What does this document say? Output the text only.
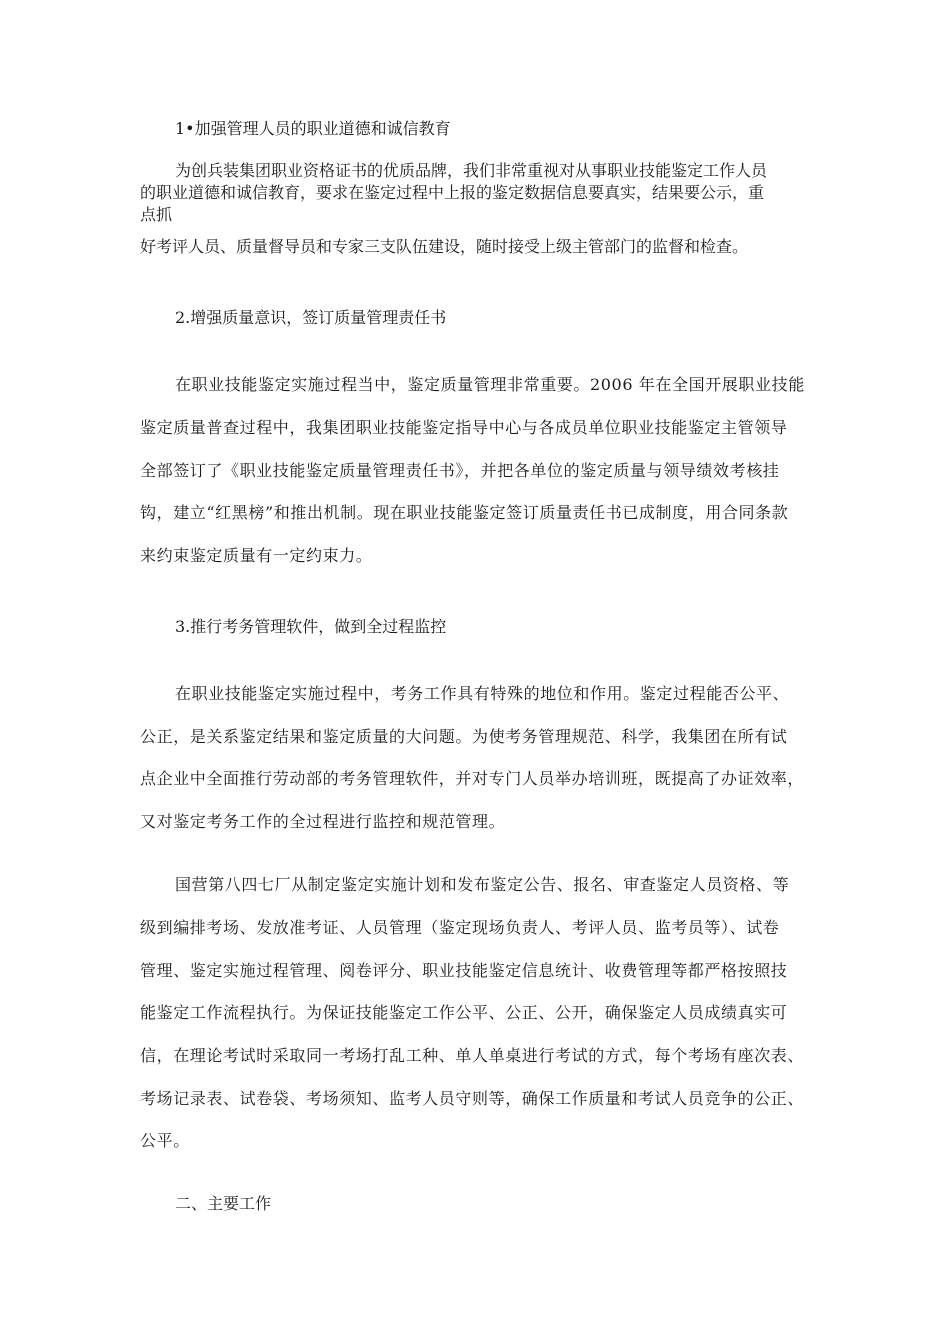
1•加强管理人员的职业道德和诚信教育

为创兵装集团职业资格证书的优质品牌，我们非常重视对从事职业技能鉴定工作人员

的职业道德和诚信教育，要求在鉴定过程中上报的鉴定数据信息要真实，结果要公示，重

点抓

好考评人员、质量督导员和专家三支队伍建设，随时接受上级主管部门的监督和检查。

2.增强质量意识，签订质量管理责任书

在职业技能鉴定实施过程当中，鉴定质量管理非常重要。2006 年在全国开展职业技能

鉴定质量普查过程中，我集团职业技能鉴定指导中心与各成员单位职业技能鉴定主管领导

全部签订了《职业技能鉴定质量管理责任书》，并把各单位的鉴定质量与领导绩效考核挂

钩，建立“红黑榜”和推出机制。现在职业技能鉴定签订质量责任书已成制度，用合同条款

来约束鉴定质量有一定约束力。

3.推行考务管理软件，做到全过程监控

在职业技能鉴定实施过程中，考务工作具有特殊的地位和作用。鉴定过程能否公平、

公正，是关系鉴定结果和鉴定质量的大问题。为使考务管理规范、科学，我集团在所有试

点企业中全面推行劳动部的考务管理软件，并对专门人员举办培训班，既提高了办证效率，

又对鉴定考务工作的全过程进行监控和规范管理。

国营第八四七厂从制定鉴定实施计划和发布鉴定公告、报名、审查鉴定人员资格、等

级到编排考场、发放准考证、人员管理（鉴定现场负责人、考评人员、监考员等）、试卷

管理、鉴定实施过程管理、阅卷评分、职业技能鉴定信息统计、收费管理等都严格按照技

能鉴定工作流程执行。为保证技能鉴定工作公平、公正、公开，确保鉴定人员成绩真实可

信，在理论考试时采取同一考场打乱工种、单人单桌进行考试的方式，每个考场有座次表、

考场记录表、试卷袋、考场须知、监考人员守则等，确保工作质量和考试人员竞争的公正、

公平。

二、主要工作
